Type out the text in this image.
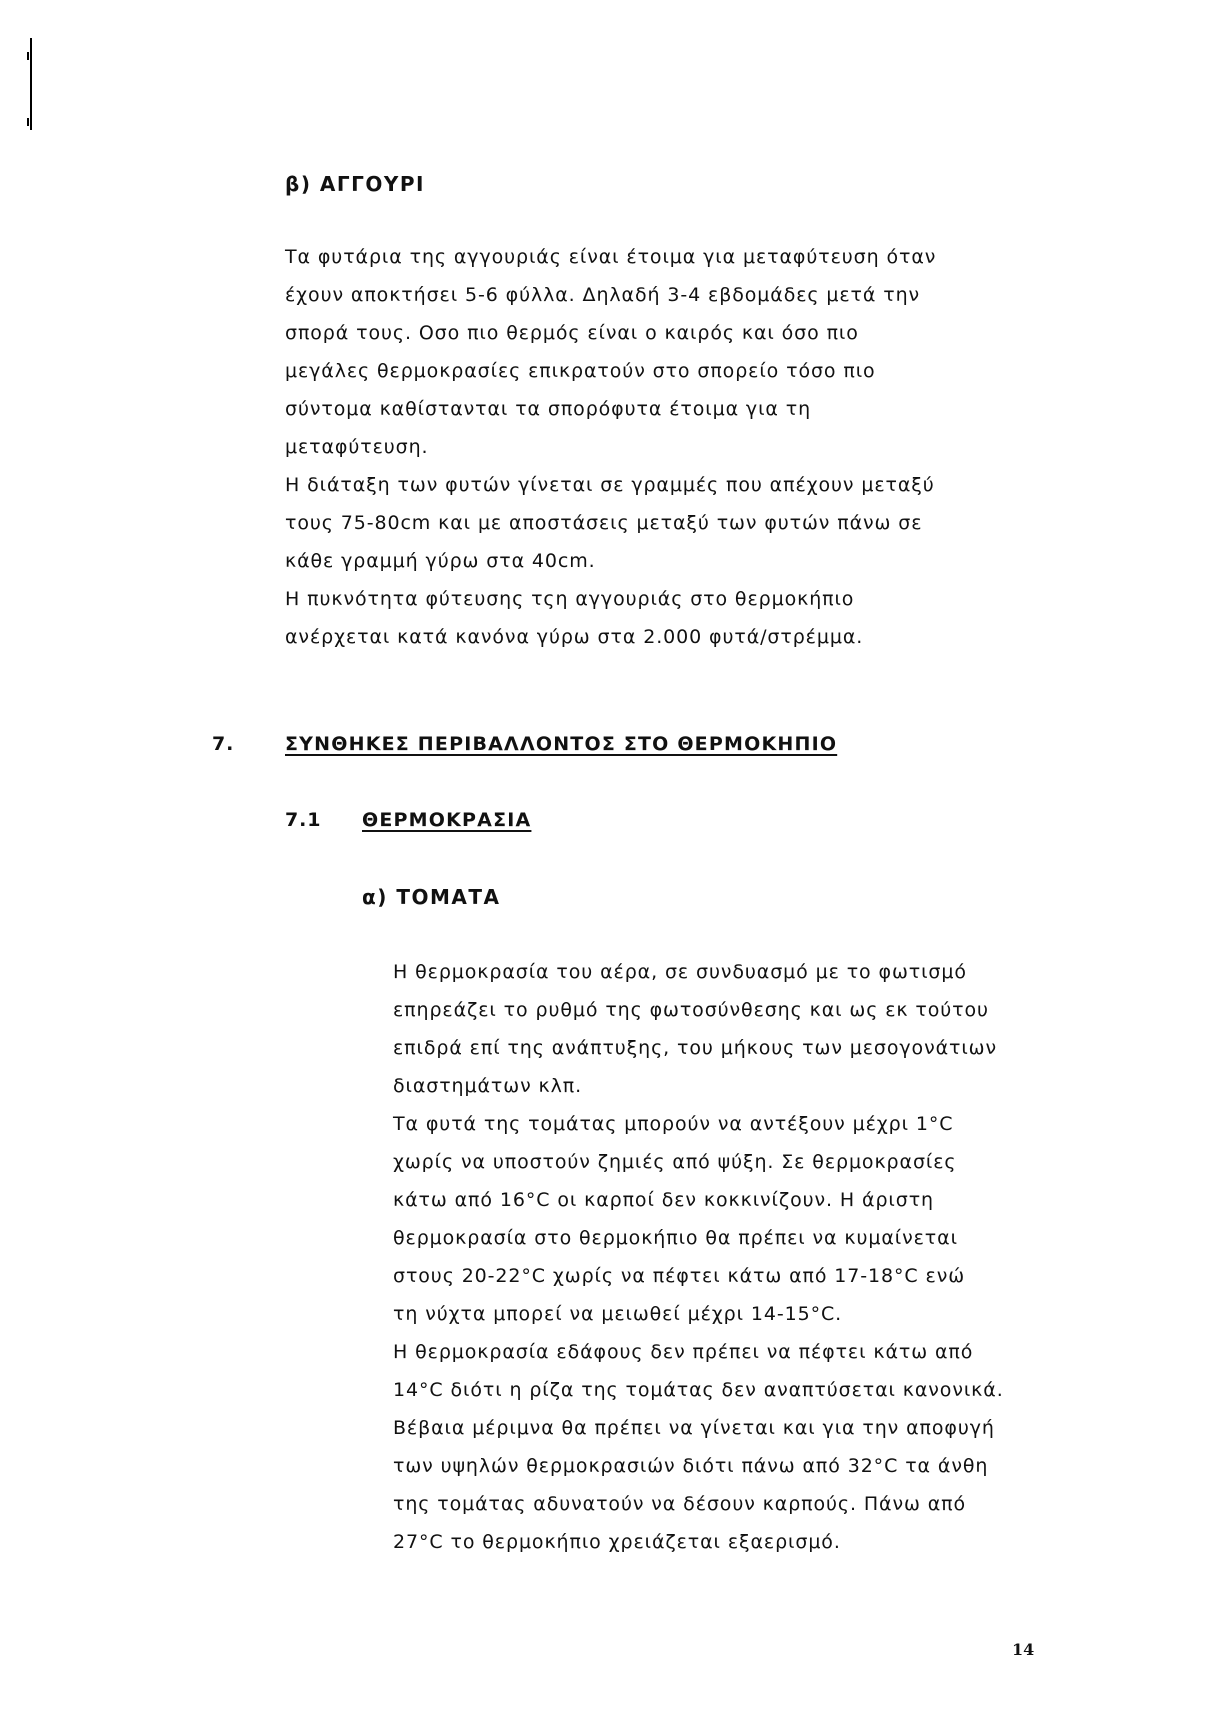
β) ΑΓΓΟΥΡΙ
Τα φυτάρια της αγγουριάς είναι έτοιμα για μεταφύτευση όταν
έχουν αποκτήσει 5-6 φύλλα. Δηλαδή 3-4 εβδομάδες μετά την
σπορά τους. Οσο πιο θερμός είναι ο καιρός και όσο πιο
μεγάλες θερμοκρασίες επικρατούν στο σπορείο τόσο πιο
σύντομα καθίστανται τα σπορόφυτα έτοιμα για τη
μεταφύτευση.
Η διάταξη των φυτών γίνεται σε γραμμές που απέχουν μεταξύ
τους 75-80cm και με αποστάσεις μεταξύ των φυτών πάνω σε
κάθε γραμμή γύρω στα 40cm.
Η πυκνότητα φύτευσης τςη αγγουριάς στο θερμοκήπιο
ανέρχεται κατά κανόνα γύρω στα 2.000 φυτά/στρέμμα.
7.	ΣΥΝΘΗΚΕΣ ΠΕΡΙΒΑΛΛΟΝΤΟΣ ΣΤΟ ΘΕΡΜΟΚΗΠΙΟ
7.1 ΘΕΡΜΟΚΡΑΣΙΑ
α) ΤΟΜΑΤΑ
Η θερμοκρασία του αέρα, σε συνδυασμό με το φωτισμό
επηρεάζει το ρυθμό της φωτοσύνθεσης και ως εκ τούτου
επιδρά επί της ανάπτυξης, του μήκους των μεσογονάτιων
διαστημάτων κλπ.
Τα φυτά της τομάτας μπορούν να αντέξουν μέχρι 1°C
χωρίς να υποστούν ζημιές από ψύξη. Σε θερμοκρασίες
κάτω από 16°C οι καρποί δεν κοκκινίζουν. Η άριστη
θερμοκρασία στο θερμοκήπιο θα πρέπει να κυμαίνεται
στους 20-22°C χωρίς να πέφτει κάτω από 17-18°C ενώ
τη νύχτα μπορεί να μειωθεί μέχρι 14-15°C.
Η θερμοκρασία εδάφους δεν πρέπει να πέφτει κάτω από
14°C διότι η ρίζα της τομάτας δεν αναπτύσεται κανονικά.
Βέβαια μέριμνα θα πρέπει να γίνεται και για την αποφυγή
των υψηλών θερμοκρασιών διότι πάνω από 32°C τα άνθη
της τομάτας αδυνατούν να δέσουν καρπούς. Πάνω από
27°C το θερμοκήπιο χρειάζεται εξαερισμό.
14
